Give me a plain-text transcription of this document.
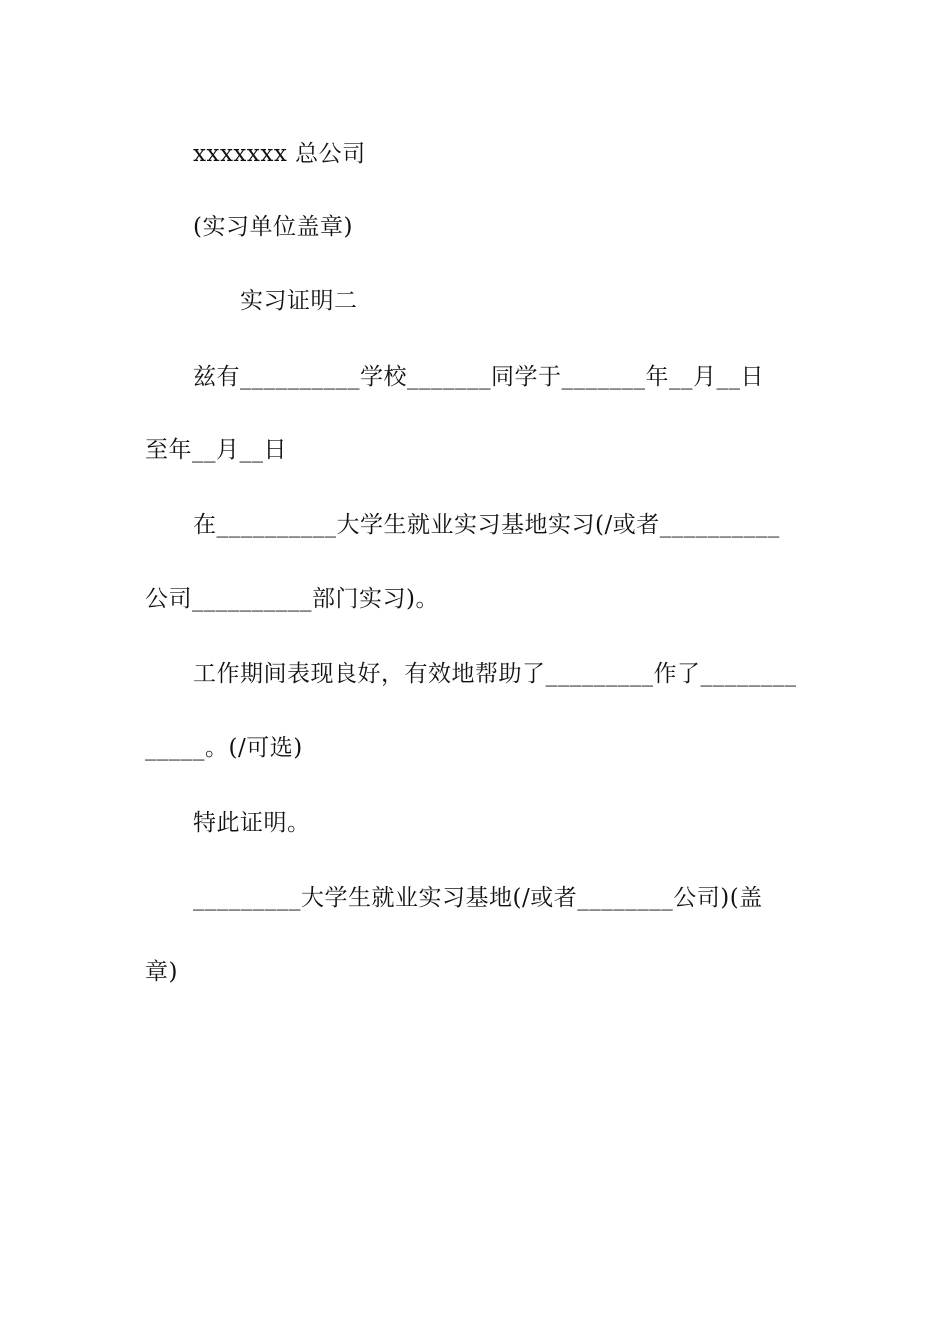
xxxxxxx 总公司
(实习单位盖章)
实习证明二
兹有__________学校_______同学于_______年__月__日
至年__月__日
在__________大学生就业实习基地实习(/或者__________
公司__________部门实习)。
工作期间表现良好，有效地帮助了_________作了________
_____。(/可选)
特此证明。
_________大学生就业实习基地(/或者________公司)(盖
章)
